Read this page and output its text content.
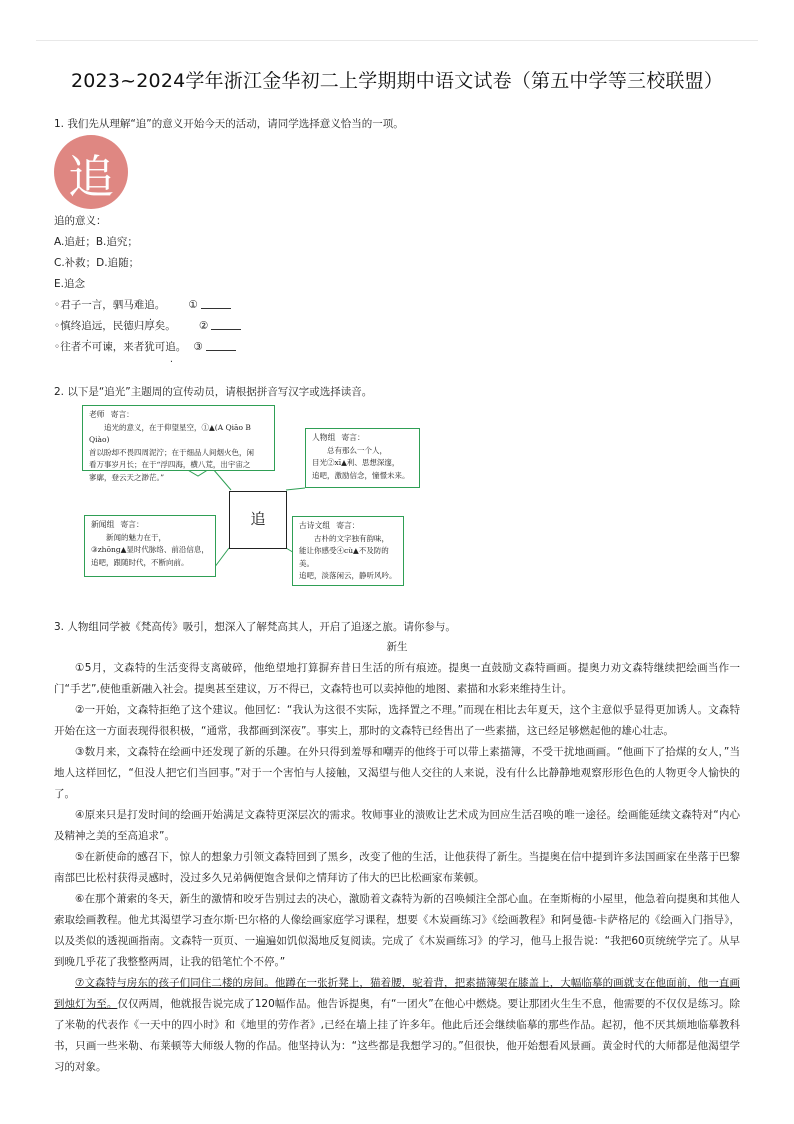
2023~2024学年浙江金华初二上学期期中语文试卷（第五中学等三校联盟）
1. 我们先从理解“追”的意义开始今天的活动，请同学选择意义恰当的一项。
追
追的意义：
A.追赶；B.追究；
C.补救；D.追随；
E.追念
◦君子一言，驷马难追。 ①
◦慎终追远，民德归厚矣。 ②
◦往者不可谏，来者犹可追。 ③
2. 以下是“追光”主题周的宣传动员，请根据拼音写汉字或选择读音。
老师 寄言：
追光的意义，在于仰望星空，①▲(A Qiāo B Qiào)
首以盼却不畏四周泥泞；在于细品人间烟火色，闲
看万事岁月长；在于“浮四海，横八荒，出宇宙之
寥廓，登云天之渺茫。”
人物组 寄言：
总有那么一个人，
目光②xī▲利、思想深邃，
追吧，激励信念，憧憬未来。
追
新闻组 寄言：
新闻的魅力在于，
③zhōng▲显时代脉络、前沿信息，
追吧，跟随时代，不断向前。
古诗文组 寄言：
古朴的文字独有韵味，
能让你感受④cù▲不及防的
美。
追吧，淡落闲云，静听风吟。
3. 人物组同学被《梵高传》吸引，想深入了解梵高其人，开启了追逐之旅。请你参与。
新生
①5月，文森特的生活变得支离破碎，他绝望地打算摒弃昔日生活的所有痕迹。提奥一直鼓励文森特画画。提奥力劝文森特继续把绘画当作一门“手艺”,使他重新融入社会。提奥甚至建议，万不得已，文森特也可以卖掉他的地图、素描和水彩来维持生计。
②一开始，文森特拒绝了这个建议。他回忆：“我认为这很不实际，选择置之不理。”而现在相比去年夏天，这个主意似乎显得更加诱人。文森特开始在这一方面表现得很积极，“通常，我都画到深夜”。事实上，那时的文森特已经售出了一些素描，这已经足够燃起他的雄心壮志。
③数月来，文森特在绘画中还发现了新的乐趣。在外只得到羞辱和嘲弄的他终于可以带上素描簿，不受干扰地画画。“他画下了拾煤的女人，”当地人这样回忆，“但没人把它们当回事。”对于一个害怕与人接触，又渴望与他人交往的人来说，没有什么比静静地观察形形色色的人物更令人愉快的了。
④原来只是打发时间的绘画开始满足文森特更深层次的需求。牧师事业的溃败让艺术成为回应生活召唤的唯一途径。绘画能延续文森特对“内心及精神之美的至高追求”。
⑤在新使命的感召下，惊人的想象力引领文森特回到了黑乡，改变了他的生活，让他获得了新生。当提奥在信中提到许多法国画家在坐落于巴黎南部巴比松村获得灵感时，没过多久兄弟俩便饱含景仰之情拜访了伟大的巴比松画家布莱顿。
⑥在那个萧索的冬天，新生的激情和咬牙告别过去的决心，激励着文森特为新的召唤倾注全部心血。在奎斯梅的小屋里，他急着向提奥和其他人索取绘画教程。他尤其渴望学习查尔斯·巴尔格的人像绘画家庭学习课程，想要《木炭画练习》《绘画教程》和阿曼德-卡萨格尼的《绘画入门指导》，以及类似的透视画指南。文森特一页页、一遍遍如饥似渴地反复阅读。完成了《木炭画练习》的学习，他马上报告说：“我把60页统统学完了。从早到晚几乎花了我整整两周，让我的铅笔忙个不停。”
⑦文森特与房东的孩子们同住二楼的房间。他蹲在一张折凳上，猫着腰，驼着背，把素描簿架在膝盖上，大幅临摹的画就支在他面前，他一直画到烛灯为至。仅仅两周，他就报告说完成了120幅作品。他告诉提奥，有“一团火”在他心中燃烧。要让那团火生生不息，他需要的不仅仅是练习。除了米勒的代表作《一天中的四小时》和《地里的劳作者》,已经在墙上挂了许多年。他此后还会继续临摹的那些作品。起初，他不厌其烦地临摹教科书，只画一些米勒、布莱顿等大师级人物的作品。他坚持认为：“这些都是我想学习的。”但很快，他开始想看风景画。黄金时代的大师都是他渴望学习的对象。
